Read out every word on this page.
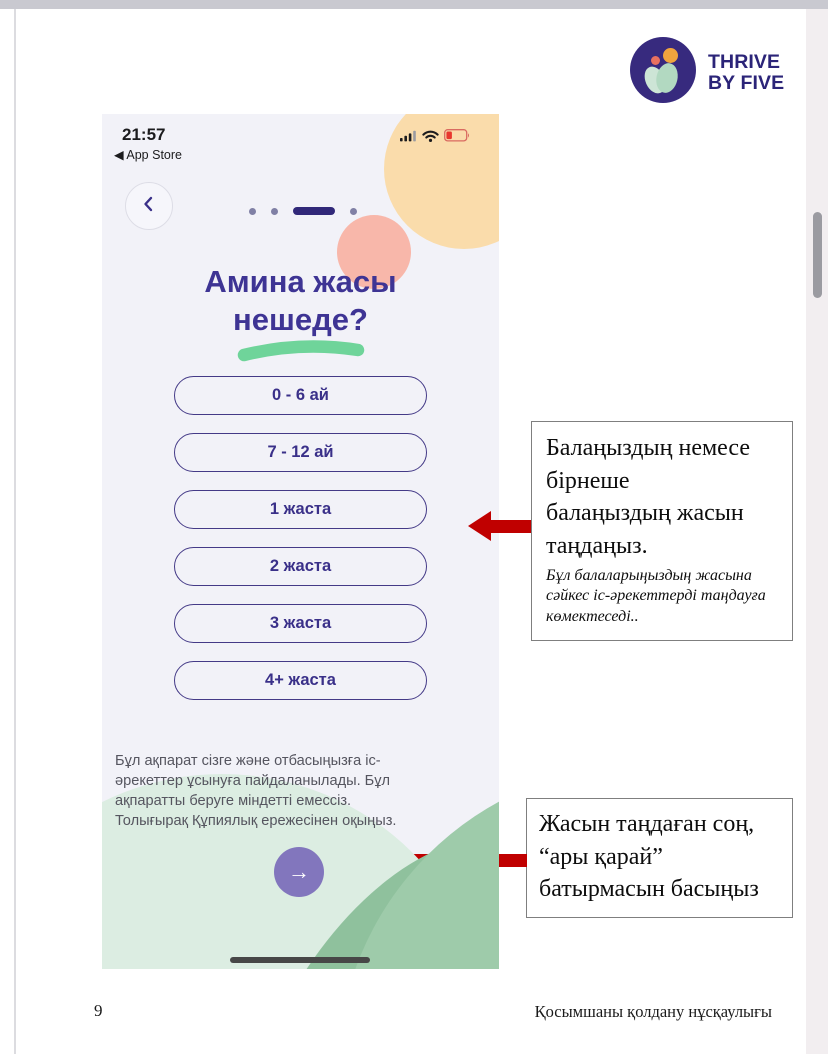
THRIVE
BY FIVE
21:57
◀ App Store
Амина жасы
нешеде?
0 - 6 ай
7 - 12 ай
1 жаста
2 жаста
3 жаста
4+ жаста
Бұл ақпарат сізге және отбасыңызға іс-
әрекеттер ұсынуға пайдаланылады. Бұл
ақпаратты беруге міндетті емессіз.
Толығырақ Құпиялық ережесінен оқыңыз.
→
Балаңыздың немесе
бірнеше
балаңыздың жасын
таңдаңыз.
Бұл балаларыңыздың жасына
сәйкес іс-әрекеттерді таңдауға
көмектеседі..
Жасын таңдаған соң,
“ары қарай”
батырмасын басыңыз
9	Қосымшаны қолдану нұсқаулығы
